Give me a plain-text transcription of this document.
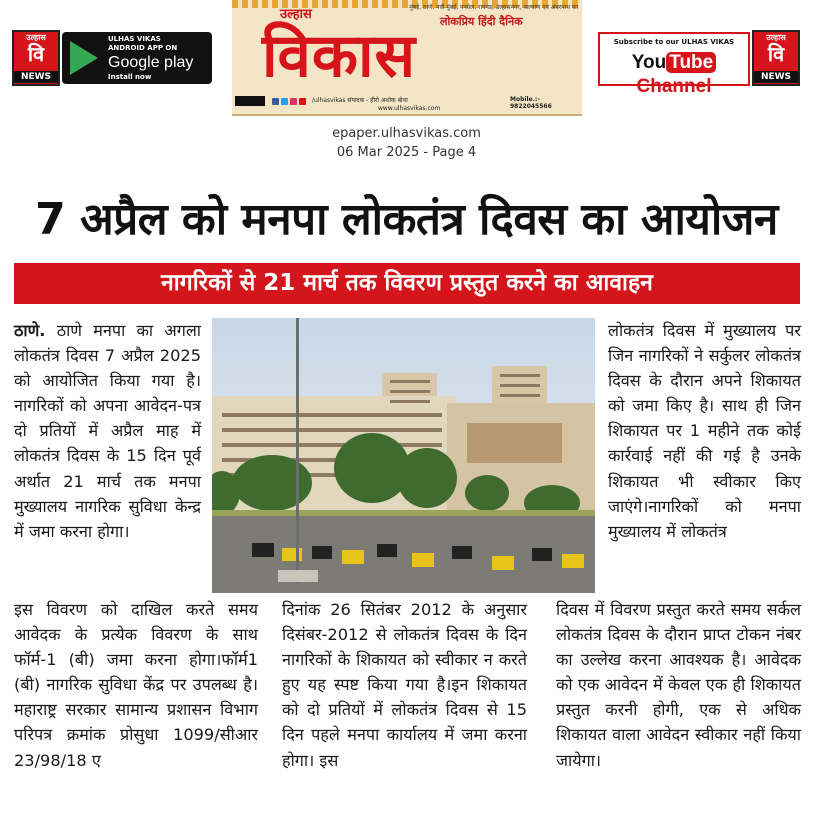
उल्हास
वि
NEWS
ULHAS VIKAS
ANDROID APP ON
Google play
Install now
उल्हास	मुंबई, ठाणे, नवी मुंबई, पनवेल, रायगड, उल्हासनगर, कल्याण एवं अंबरनाथ का
लोकप्रिय हिंदी दैनिक
विकास
/ulhasvikas संपादक - हीरो अशोक बोधा	Mobile.:- 9822045566
www.ulhasvikas.com
Subscribe to our ULHAS VIKAS
You Tube Channel
उल्हास
वि
NEWS
epaper.ulhasvikas.com
06 Mar 2025 - Page 4
7 अप्रैल को मनपा लोकतंत्र दिवस का आयोजन
नागरिकों से 21 मार्च तक विवरण प्रस्तुत करने का आवाहन
ठाणे. ठाणे मनपा का अगला लोकतंत्र दिवस 7 अप्रैल 2025 को आयोजित किया गया है।नागरिकों को अपना आवेदन-पत्र दो प्रतियों में अप्रैल माह में लोकतंत्र दिवस के 15 दिन पूर्व अर्थात 21 मार्च तक मनपा मुख्यालय नागरिक सुविधा केन्द्र में जमा करना होगा।
लोकतंत्र दिवस में मुख्यालय पर जिन नागरिकों ने सर्कुलर लोकतंत्र दिवस के दौरान अपने शिकायत को जमा किए है। साथ ही जिन शिकायत पर 1 महीने तक कोई कार्रवाई नहीं की गई है उनके शिकायत भी स्वीकार किए जाएंगे।नागरिकों को मनपा मुख्यालय में लोकतंत्र
इस विवरण को दाखिल करते समय आवेदक के प्रत्येक विवरण के साथ फॉर्म-1 (बी) जमा करना होगा।फॉर्म1 (बी) नागरिक सुविधा केंद्र पर उपलब्ध है। महाराष्ट्र सरकार सामान्य प्रशासन विभाग परिपत्र क्रमांक प्रोसुधा 1099/सीआर 23/98/18 ए
दिनांक 26 सितंबर 2012 के अनुसार दिसंबर-2012 से लोकतंत्र दिवस के दिन नागरिकों के शिकायत को स्वीकार न करते हुए यह स्पष्ट किया गया है।इन शिकायत को दो प्रतियों में लोकतंत्र दिवस से 15 दिन पहले मनपा कार्यालय में जमा करना होगा। इस
दिवस में विवरण प्रस्तुत करते समय सर्कल लोकतंत्र दिवस के दौरान प्राप्त टोकन नंबर का उल्लेख करना आवश्यक है। आवेदक को एक आवेदन में केवल एक ही शिकायत प्रस्तुत करनी होगी, एक से अधिक शिकायत वाला आवेदन स्वीकार नहीं किया जायेगा।
